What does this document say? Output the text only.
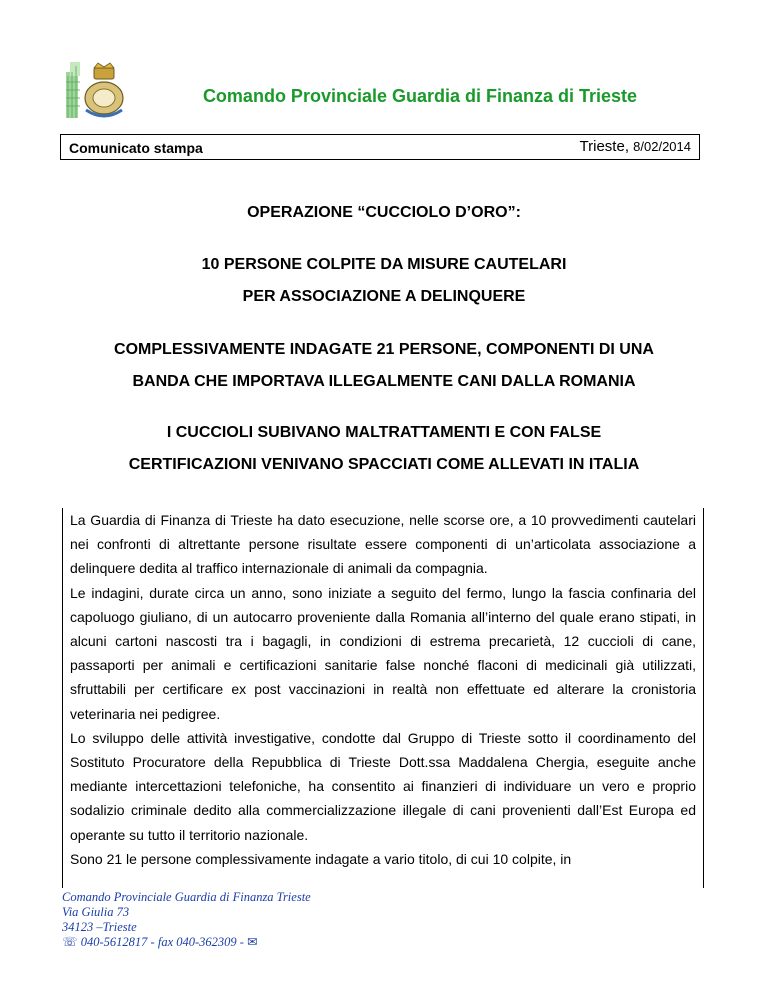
Comando Provinciale Guardia di Finanza di Trieste
Comunicato stampa	Trieste, 8/02/2014
OPERAZIONE “CUCCIOLO D’ORO”:
10 PERSONE COLPITE DA MISURE CAUTELARI
PER ASSOCIAZIONE A DELINQUERE
COMPLESSIVAMENTE INDAGATE 21 PERSONE, COMPONENTI DI UNA
BANDA CHE IMPORTAVA ILLEGALMENTE CANI DALLA ROMANIA
I CUCCIOLI SUBIVANO MALTRATTAMENTI E CON FALSE
CERTIFICAZIONI VENIVANO SPACCIATI COME ALLEVATI IN ITALIA

La Guardia di Finanza di Trieste ha dato esecuzione, nelle scorse ore, a 10 provvedimenti cautelari nei confronti di altrettante persone risultate essere componenti di un’articolata associazione a delinquere dedita al traffico internazionale di animali da compagnia.

Le indagini, durate circa un anno, sono iniziate a seguito del fermo, lungo la fascia confinaria del capoluogo giuliano, di un autocarro proveniente dalla Romania all’interno del quale erano stipati, in alcuni cartoni nascosti tra i bagagli, in condizioni di estrema precarietà, 12 cuccioli di cane, passaporti per animali e certificazioni sanitarie false nonché flaconi di medicinali già utilizzati, sfruttabili per certificare ex post vaccinazioni in realtà non effettuate ed alterare la cronistoria veterinaria nei pedigree.

Lo sviluppo delle attività investigative, condotte dal Gruppo di Trieste sotto il coordinamento del Sostituto Procuratore della Repubblica di Trieste Dott.ssa Maddalena Chergia, eseguite anche mediante intercettazioni telefoniche, ha consentito ai finanzieri di individuare un vero e proprio sodalizio criminale dedito alla commercializzazione illegale di cani provenienti dall’Est Europa ed operante su tutto il territorio nazionale.

Sono 21 le persone complessivamente indagate a vario titolo, di cui 10 colpite, in

Comando Provinciale Guardia di Finanza Trieste
Via Giulia 73
34123 –Trieste
☏ 040-5612817 - fax 040-362309 - ✉
